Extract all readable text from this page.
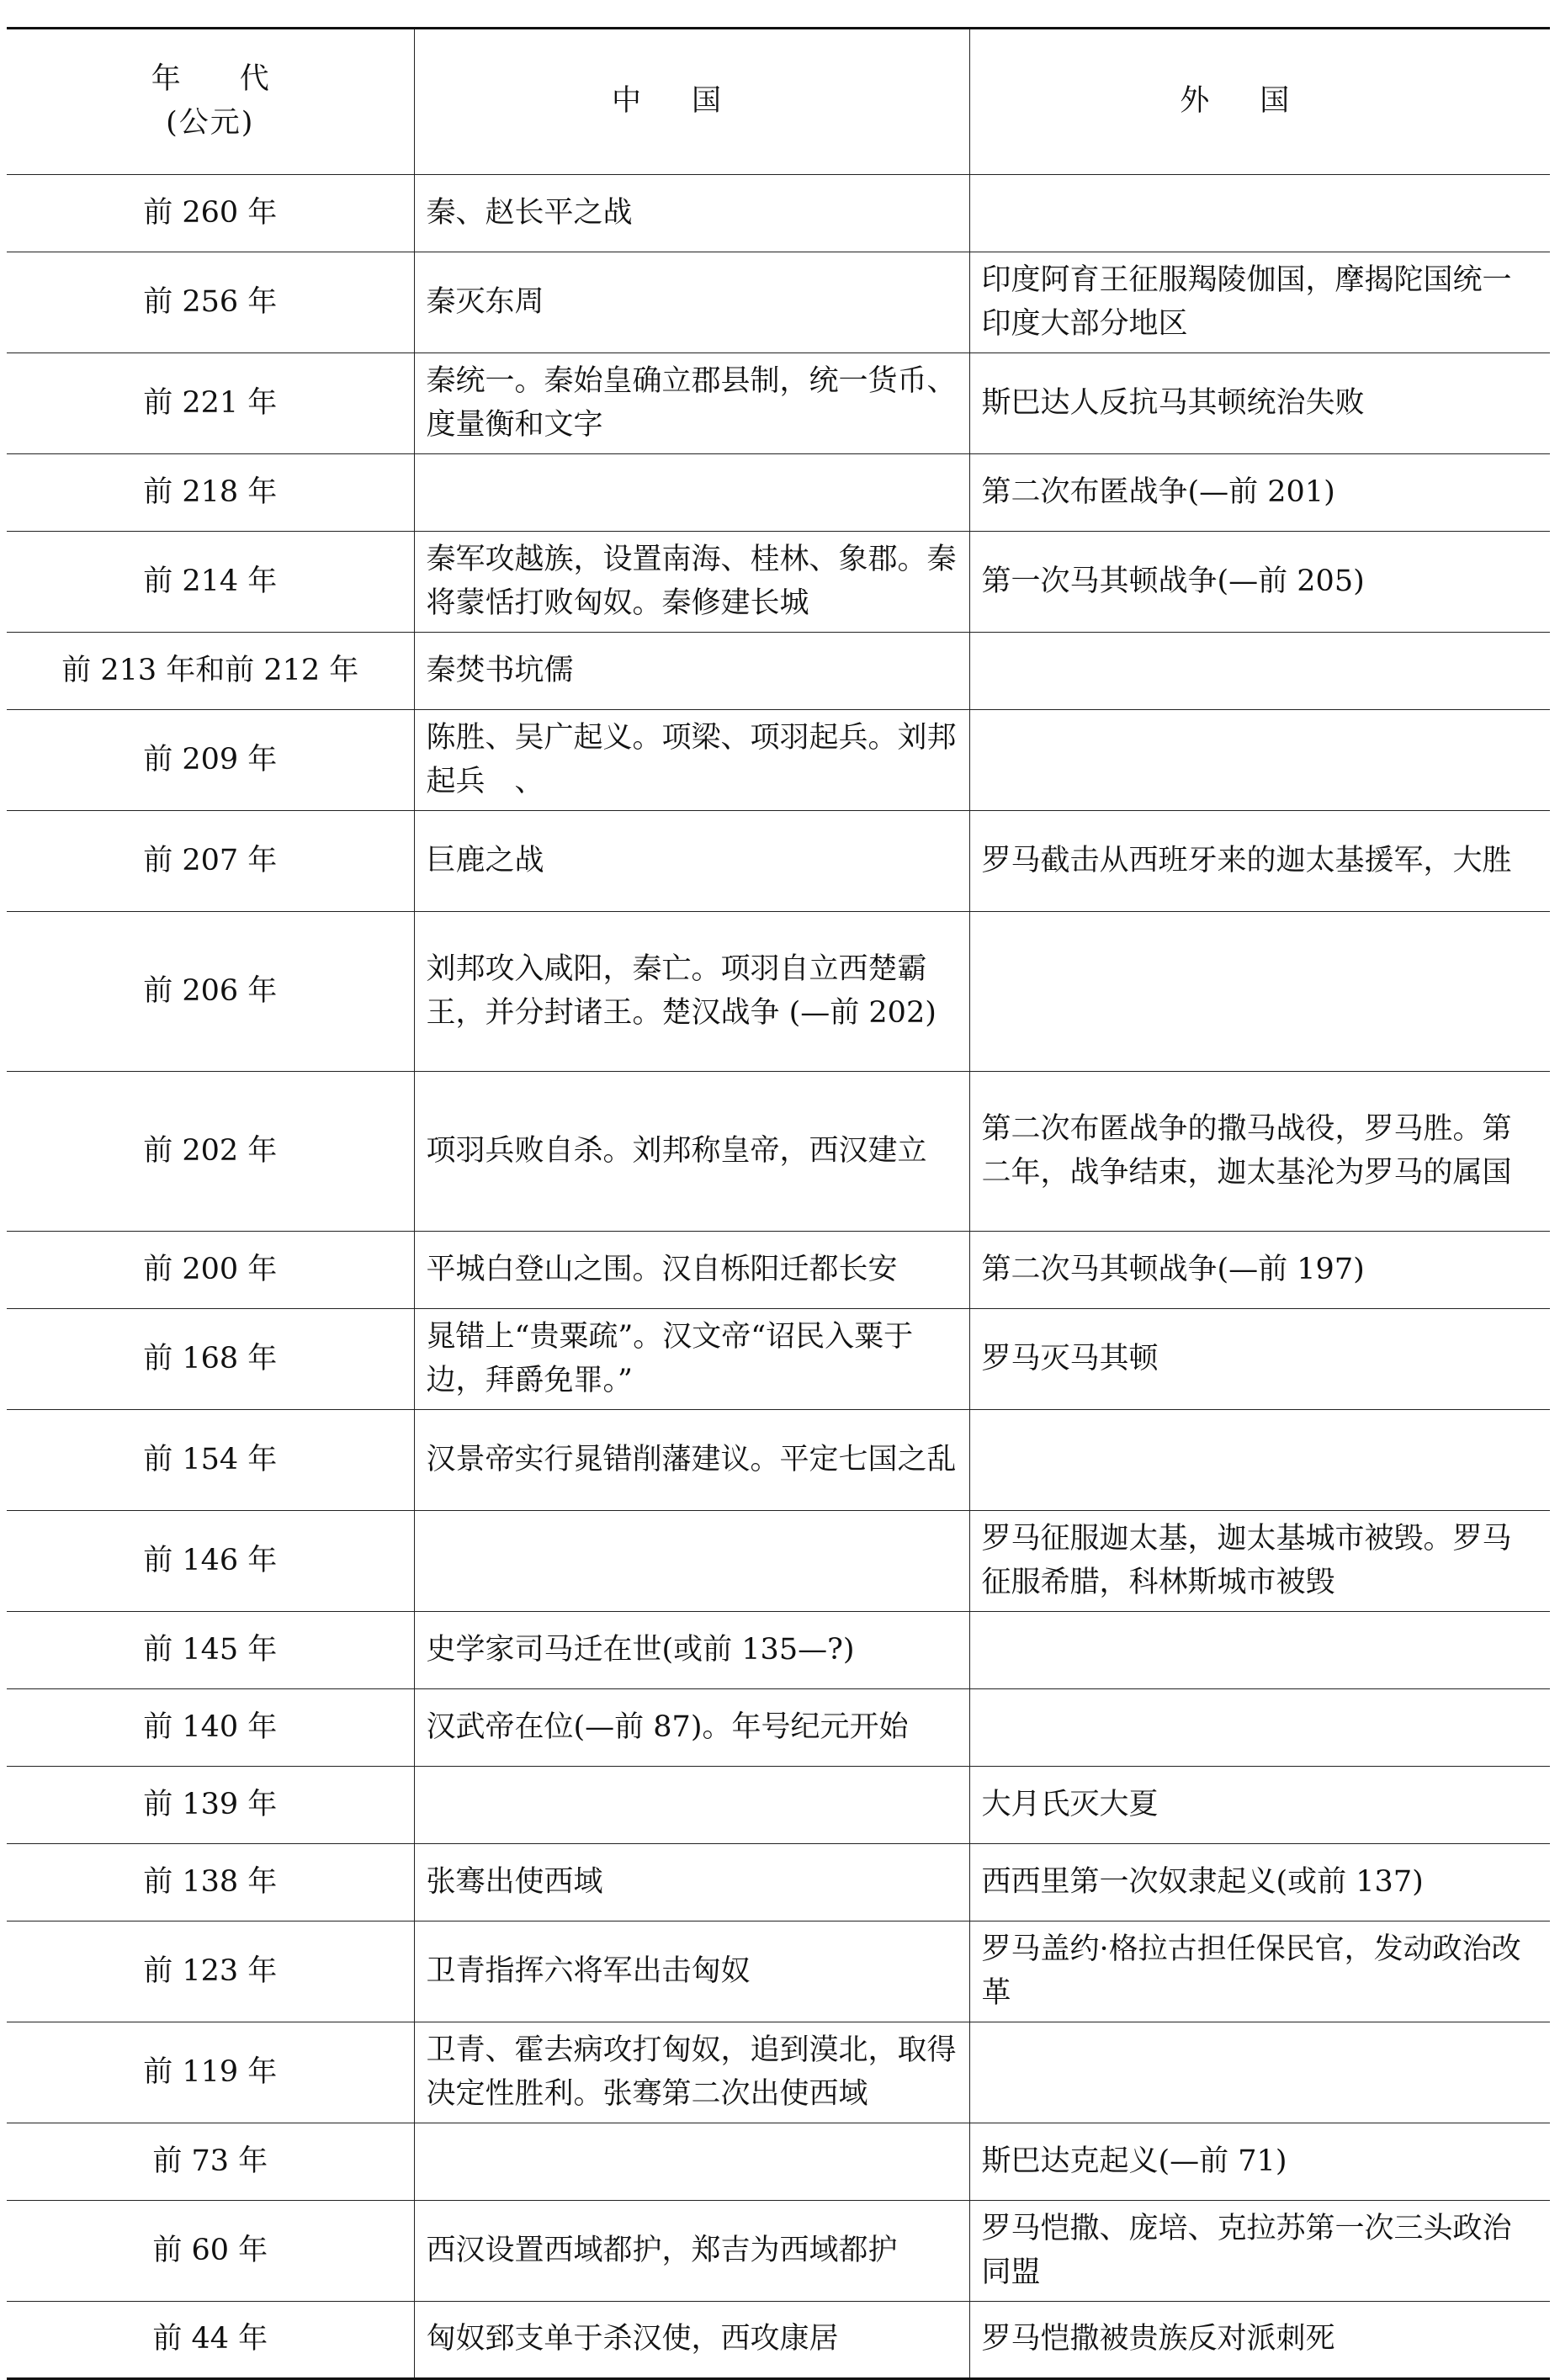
年代
(公元)	中国	外国
前 260 年	秦、赵长平之战	
前 256 年	秦灭东周	印度阿育王征服羯陵伽国，摩揭陀国统一印度大部分地区
前 221 年	秦统一。秦始皇确立郡县制，统一货币、度量衡和文字	斯巴达人反抗马其顿统治失败
前 218 年		第二次布匿战争(—前 201)
前 214 年	秦军攻越族，设置南海、桂林、象郡。秦将蒙恬打败匈奴。秦修建长城	第一次马其顿战争(—前 205)
前 213 年和前 212 年	秦焚书坑儒	
前 209 年	陈胜、吴广起义。项梁、项羽起兵。刘邦起兵　、	
前 207 年	巨鹿之战	罗马截击从西班牙来的迦太基援军，大胜
前 206 年	刘邦攻入咸阳，秦亡。项羽自立西楚霸王，并分封诸王。楚汉战争 (—前 202)	
前 202 年	项羽兵败自杀。刘邦称皇帝，西汉建立	第二次布匿战争的撒马战役，罗马胜。第二年，战争结束，迦太基沦为罗马的属国
前 200 年	平城白登山之围。汉自栎阳迁都长安	第二次马其顿战争(—前 197)
前 168 年	晁错上“贵粟疏”。汉文帝“诏民入粟于边，拜爵免罪。”	罗马灭马其顿
前 154 年	汉景帝实行晁错削藩建议。平定七国之乱	
前 146 年		罗马征服迦太基，迦太基城市被毁。罗马征服希腊，科林斯城市被毁
前 145 年	史学家司马迁在世(或前 135—?)	
前 140 年	汉武帝在位(—前 87)。年号纪元开始	
前 139 年		大月氏灭大夏
前 138 年	张骞出使西域	西西里第一次奴隶起义(或前 137)
前 123 年	卫青指挥六将军出击匈奴	罗马盖约·格拉古担任保民官，发动政治改革
前 119 年	卫青、霍去病攻打匈奴，追到漠北，取得决定性胜利。张骞第二次出使西域	
前 73 年		斯巴达克起义(—前 71)
前 60 年	西汉设置西域都护，郑吉为西域都护	罗马恺撒、庞培、克拉苏第一次三头政治同盟
前 44 年	匈奴郅支单于杀汉使，西攻康居	罗马恺撒被贵族反对派刺死
